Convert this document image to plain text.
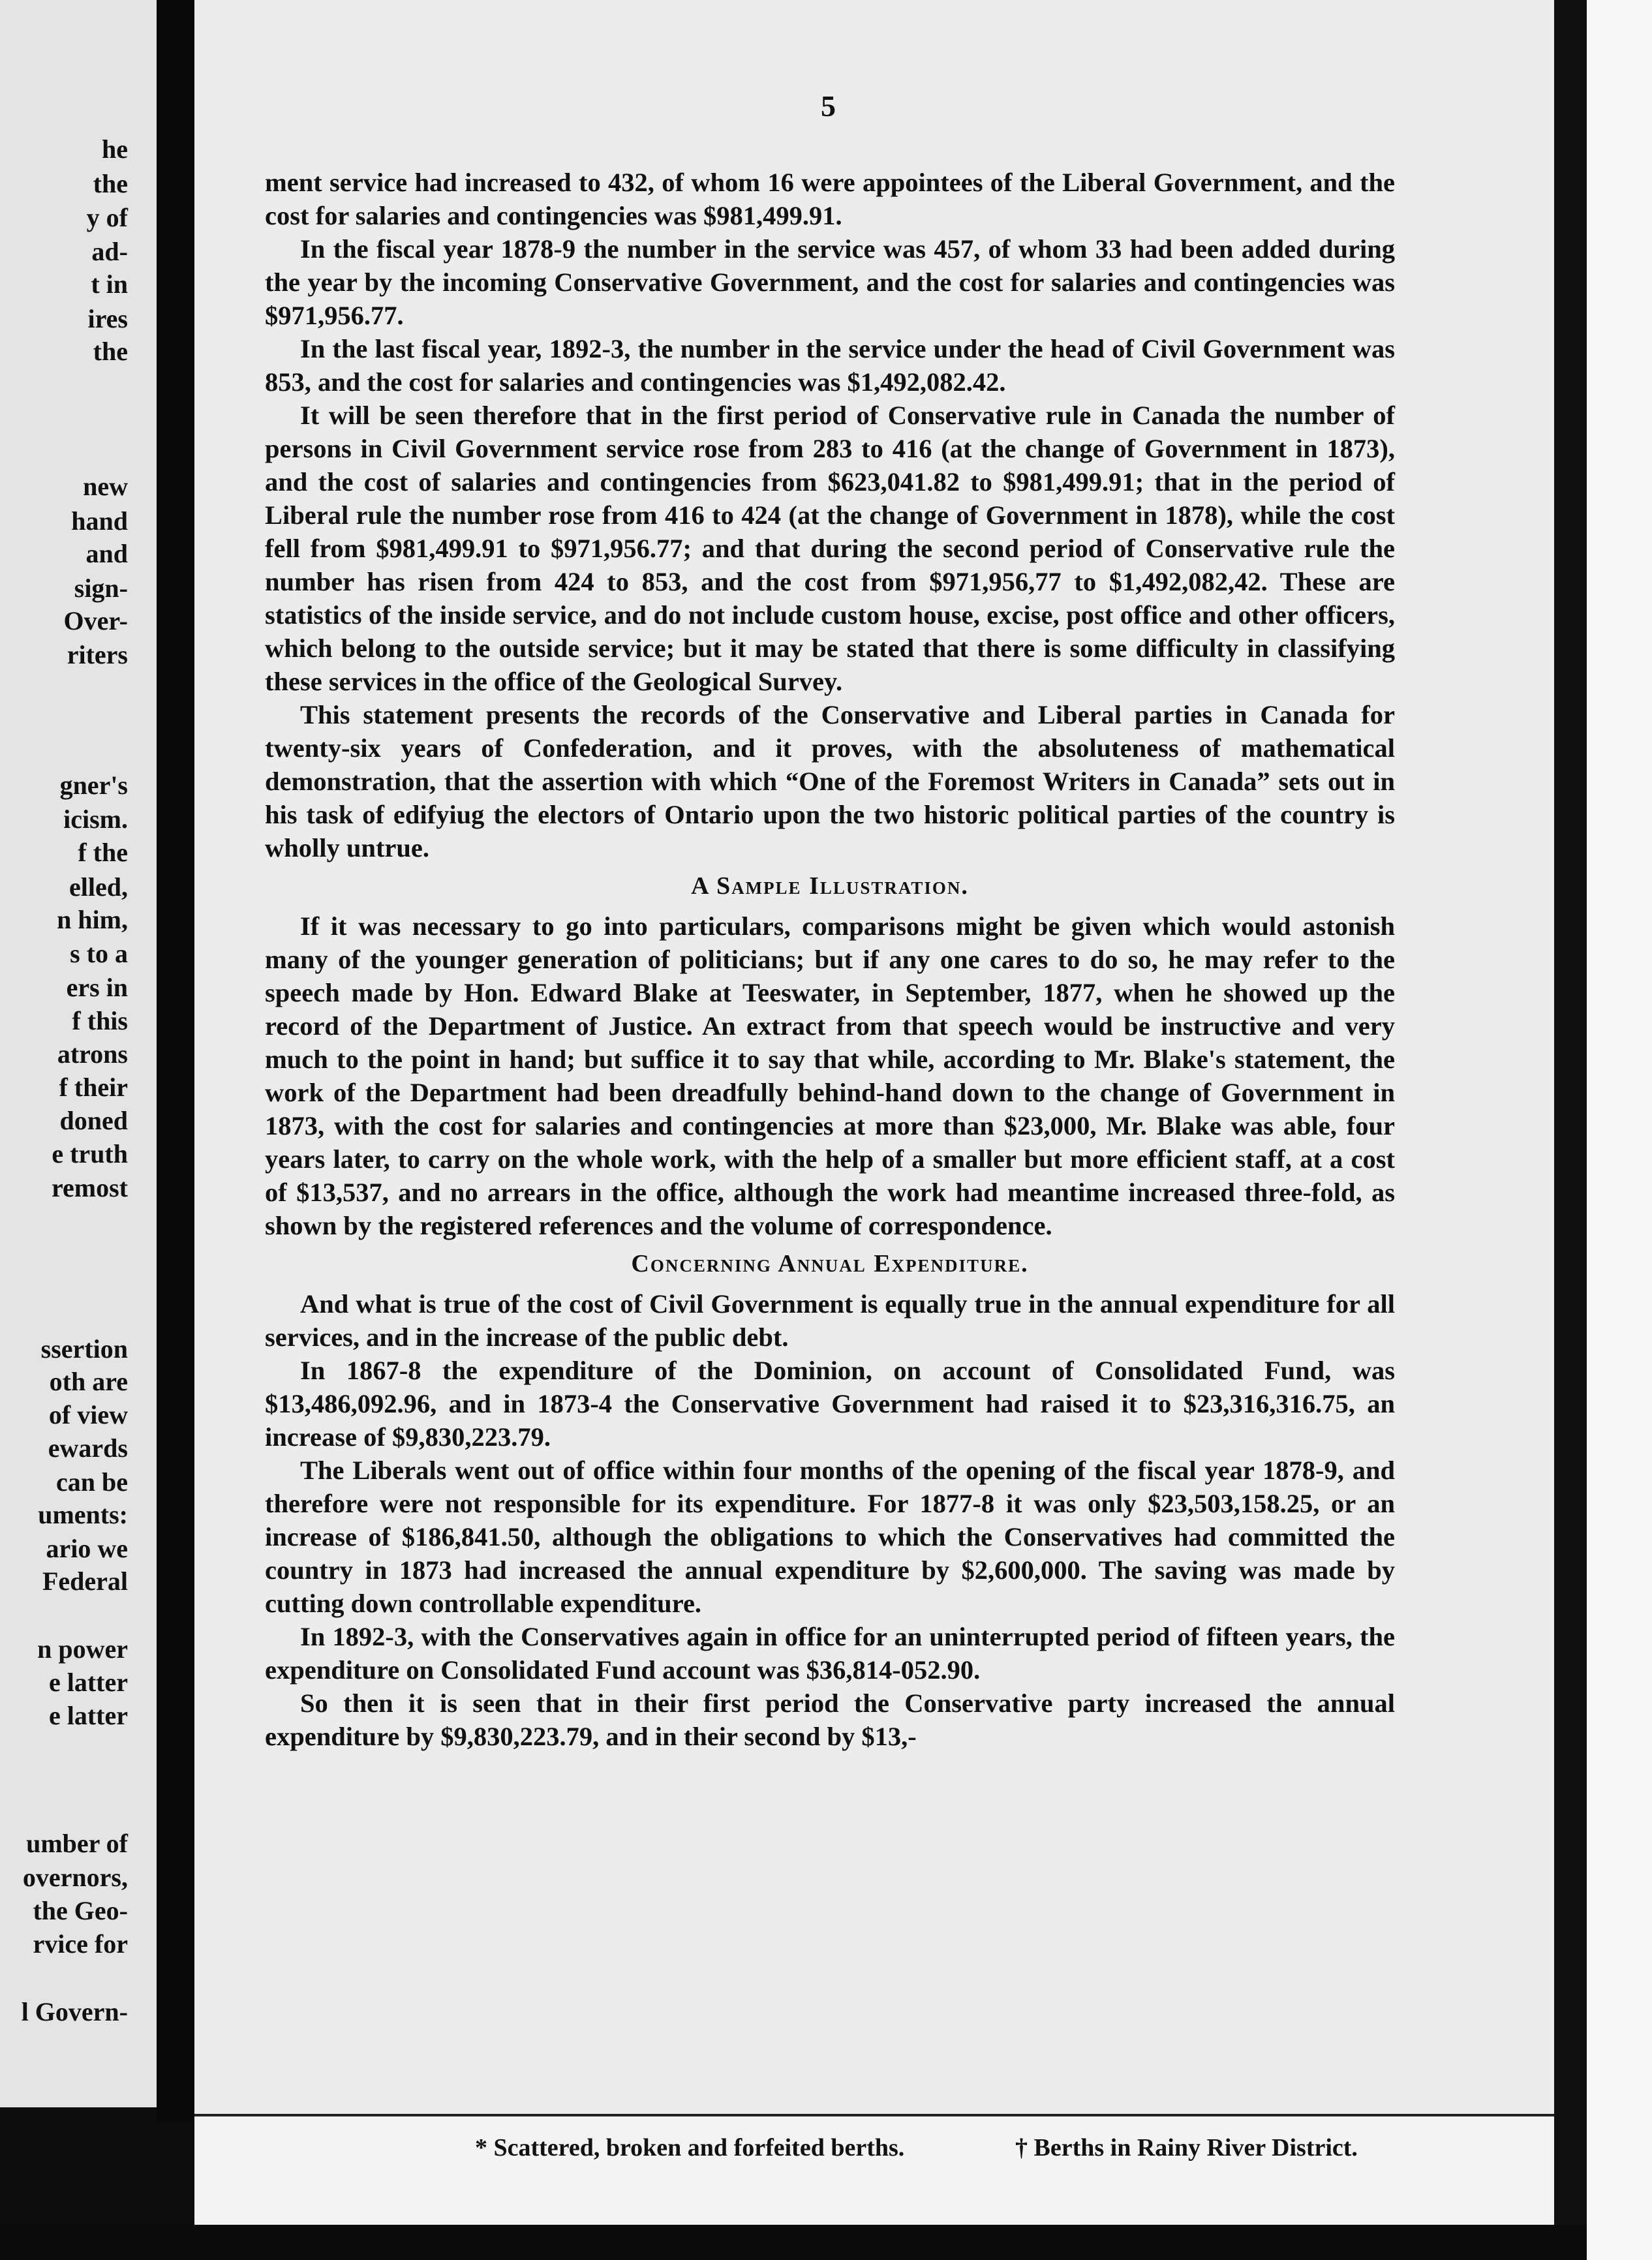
he
the
y of
ad-
t in
ires
the
new
hand
and
sign-
Over-
riters
gner's
icism.
f the
elled,
n him,
s to a
ers in
f this
atrons
f their
doned
e truth
remost
ssertion
oth are
of view
ewards
can be
uments:
ario we
Federal
n power
e latter
e latter
umber of
overnors,
the Geo-
rvice for
l Govern-
5

ment service had increased to 432, of whom 16 were appointees of the Liberal Government, and the cost for salaries and contingencies was $981,499.91.

In the fiscal year 1878-9 the number in the service was 457, of whom 33 had been added during the year by the incoming Conservative Government, and the cost for salaries and contingencies was $971,956.77.

In the last fiscal year, 1892-3, the number in the service under the head of Civil Government was 853, and the cost for salaries and contingencies was $1,492,082.42.

It will be seen therefore that in the first period of Conservative rule in Canada the number of persons in Civil Government service rose from 283 to 416 (at the change of Government in 1873), and the cost of salaries and contingencies from $623,041.82 to $981,499.91; that in the period of Liberal rule the number rose from 416 to 424 (at the change of Government in 1878), while the cost fell from $981,499.91 to $971,956.77; and that during the second period of Conservative rule the number has risen from 424 to 853, and the cost from $971,956,77 to $1,492,082,42. These are statistics of the inside service, and do not include custom house, excise, post office and other officers, which belong to the outside service; but it may be stated that there is some difficulty in classifying these services in the office of the Geological Survey.

This statement presents the records of the Conservative and Liberal parties in Canada for twenty-six years of Confederation, and it proves, with the absoluteness of mathematical demonstration, that the assertion with which “One of the Foremost Writers in Canada” sets out in his task of edifyiug the electors of Ontario upon the two historic political parties of the country is wholly untrue.

A Sample Illustration.

If it was necessary to go into particulars, comparisons might be given which would astonish many of the younger generation of politicians; but if any one cares to do so, he may refer to the speech made by Hon. Edward Blake at Teeswater, in September, 1877, when he showed up the record of the Department of Justice. An extract from that speech would be instructive and very much to the point in hand; but suffice it to say that while, according to Mr. Blake's statement, the work of the Department had been dreadfully behind-hand down to the change of Government in 1873, with the cost for salaries and contingencies at more than $23,000, Mr. Blake was able, four years later, to carry on the whole work, with the help of a smaller but more efficient staff, at a cost of $13,537, and no arrears in the office, although the work had meantime increased three-fold, as shown by the registered references and the volume of correspondence.

Concerning Annual Expenditure.

And what is true of the cost of Civil Government is equally true in the annual expenditure for all services, and in the increase of the public debt.

In 1867-8 the expenditure of the Dominion, on account of Consolidated Fund, was $13,486,092.96, and in 1873-4 the Conservative Government had raised it to $23,316,316.75, an increase of $9,830,223.79.

The Liberals went out of office within four months of the opening of the fiscal year 1878-9, and therefore were not responsible for its expenditure. For 1877-8 it was only $23,503,158.25, or an increase of $186,841.50, although the obligations to which the Conservatives had committed the country in 1873 had increased the annual expenditure by $2,600,000. The saving was made by cutting down controllable expenditure.

In 1892-3, with the Conservatives again in office for an uninterrupted period of fifteen years, the expenditure on Consolidated Fund account was $36,814-052.90.

So then it is seen that in their first period the Conservative party increased the annual expenditure by $9,830,223.79, and in their second by $13,-

* Scattered, broken and forfeited berths.	† Berths in Rainy River District.
